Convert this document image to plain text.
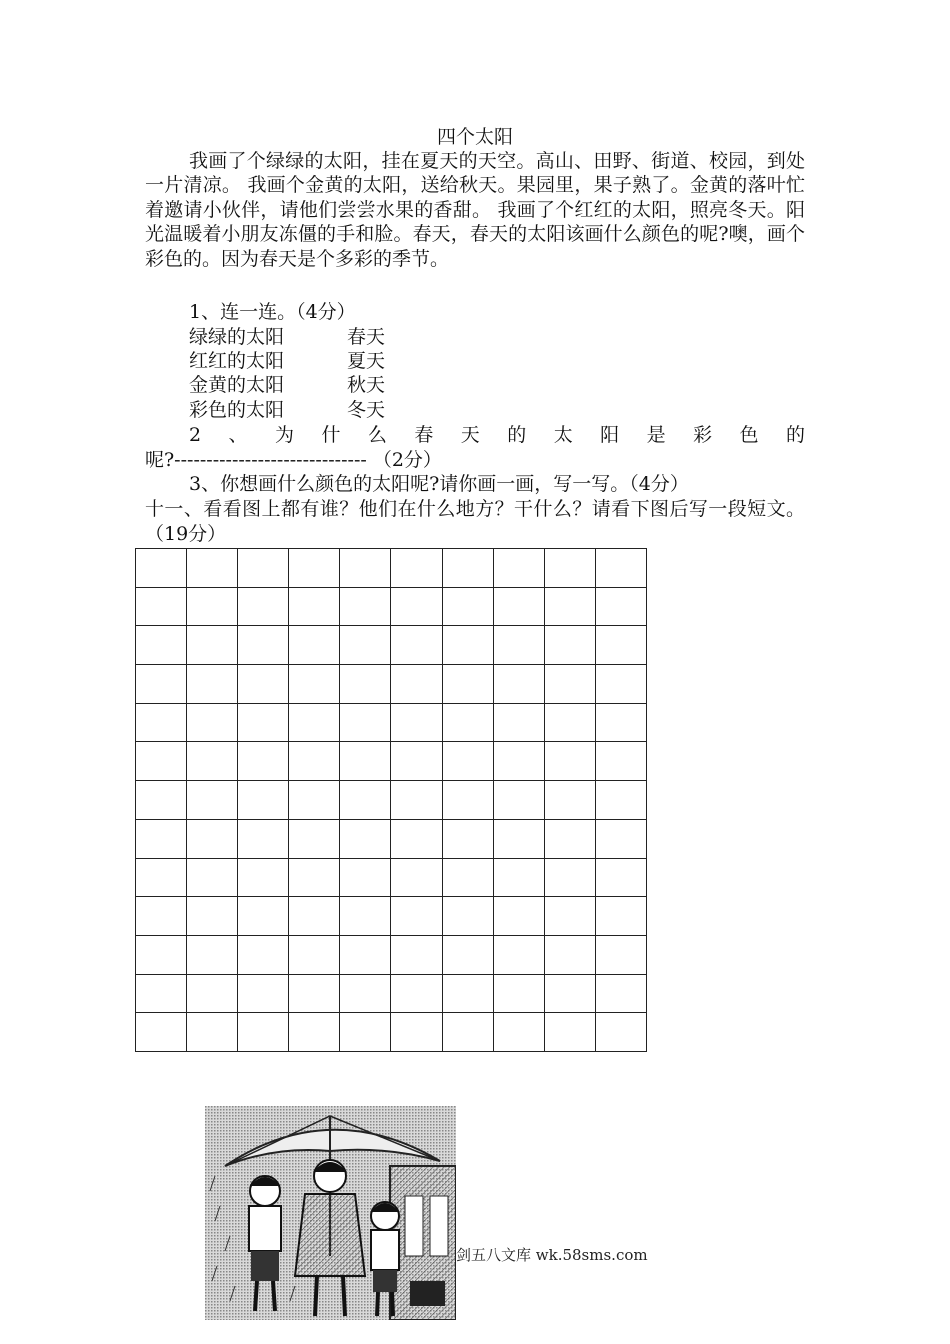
四个太阳
我画了个绿绿的太阳，挂在夏天的天空。高山、田野、街道、校园，到处一片清凉。 我画个金黄的太阳，送给秋天。果园里，果子熟了。金黄的落叶忙着邀请小伙伴，请他们尝尝水果的香甜。 我画了个红红的太阳，照亮冬天。阳光温暖着小朋友冻僵的手和脸。春天，春天的太阳该画什么颜色的呢?噢，画个彩色的。因为春天是个多彩的季节。
1、连一连。（4分）
绿绿的太阳	春天
红红的太阳	夏天
金黄的太阳	秋天
彩色的太阳	冬天
2 、 为 什 么 春 天 的 太 阳 是 彩 色 的
呢?------------------------------ （2分）
3、你想画什么颜色的太阳呢?请你画一画，写一写。（4分）
十一、看看图上都有谁？他们在什么地方？干什么？请看下图后写一段短文。（19分）
剑五八文库 wk.58sms.com
